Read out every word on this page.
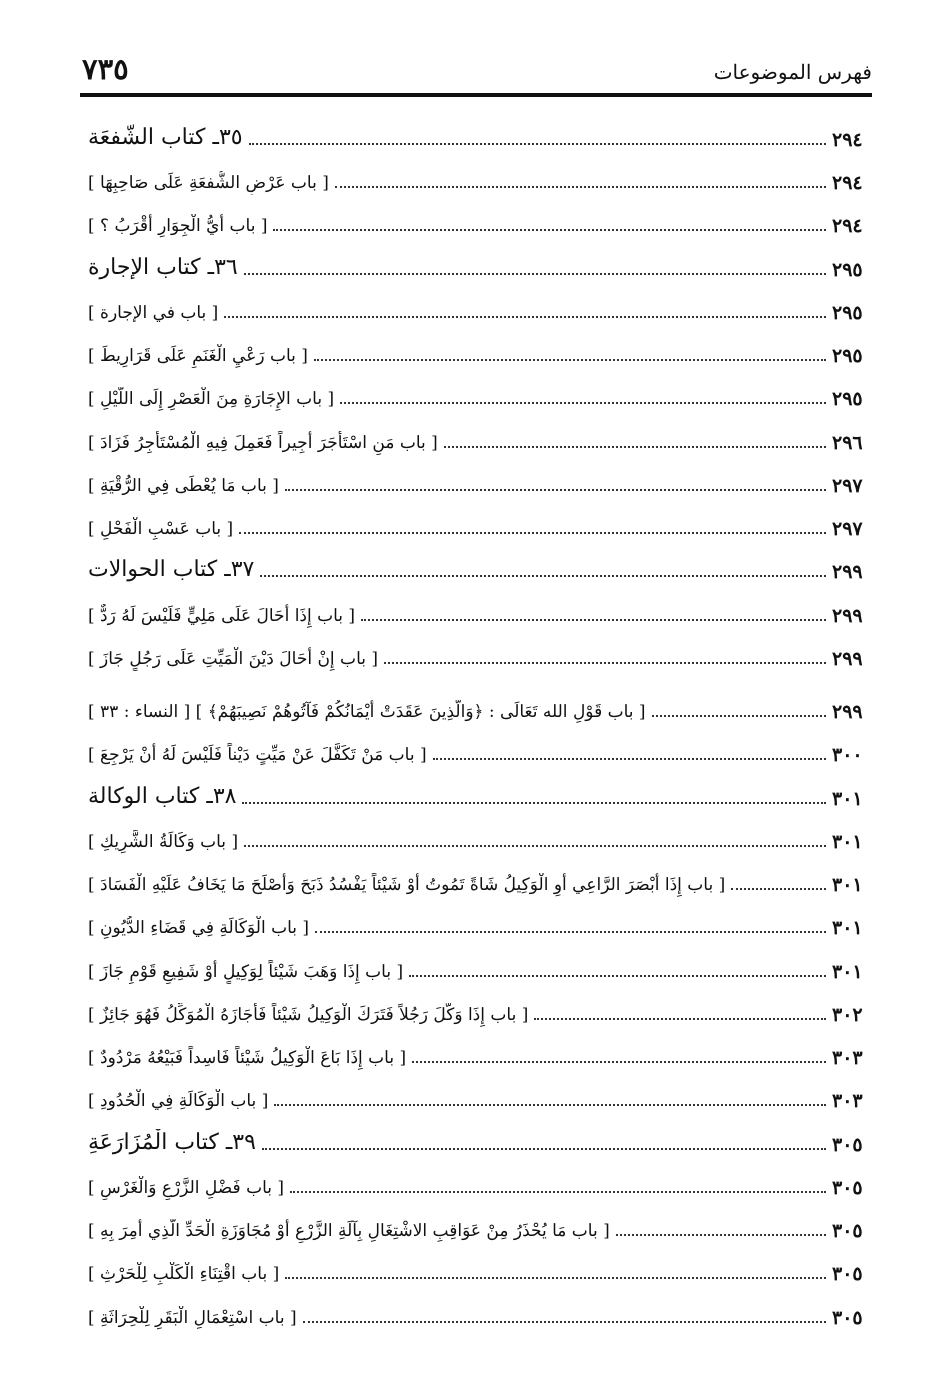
فهرس الموضوعات
٧٣٥
٣٥ـ كتاب الشُّفعَة	٢٩٤
[ باب عَرْضِ الشُّفعَةِ عَلَى صَاحِبِهَا ]	٢٩٤
[ باب أَيُّ الْجِوَارِ أَقْرَبُ ؟ ]	٢٩٤
٣٦ـ كتاب الإجارة	٢٩٥
[ باب في الإجارة ]	٢٩٥
[ باب رَعْيِ الْغَنَمِ عَلَى قَرَارِيطَ ]	٢٩٥
[ باب الإِجَارَةِ مِنَ الْعَصْرِ إِلَى اللَّيْلِ ]	٢٩٥
[ باب مَنِ اسْتَأْجَرَ أَجِيراً فَعَمِلَ فِيهِ الْمُسْتَأْجِرُ فَزَادَ ]	٢٩٦
[ باب مَا يُعْطَى فِي الرُّقْيَةِ ]	٢٩٧
[ باب عَسْبِ الْفَحْلِ ]	٢٩٧
٣٧ـ كتاب الحوالات	٢٩٩
[ باب إِذَا أَحَالَ عَلَى مَلِيٍّ فَلَيْسَ لَهُ رَدٌّ ]	٢٩٩
[ باب إِنْ أَحَالَ دَيْنَ الْمَيِّتِ عَلَى رَجُلٍ جَازَ ]	٢٩٩
[ باب قَوْلِ الله تَعَالَى : ﴿وَالَّذِينَ عَقَدَتْ أَيْمَانُكُمْ فَآتُوهُمْ نَصِيبَهُمْ﴾ ] [ النساء : ٣٣ ]	٢٩٩
[ باب مَنْ تَكَفَّلَ عَنْ مَيِّتٍ دَيْناً فَلَيْسَ لَهُ أَنْ يَرْجِعَ ]	٣٠٠
٣٨ـ كتاب الوكالة	٣٠١
[ باب وَكَالَةُ الشَّرِيكِ ]	٣٠١
[ باب إِذَا أَبْصَرَ الرَّاعِي أَوِ الْوَكِيلُ شَاةً تَمُوتُ أَوْ شَيْئاً يَفْسُدُ ذَبَحَ وَأَصْلَحَ مَا يَخَافُ عَلَيْهِ الْفَسَادَ ]	٣٠١
[ باب الْوَكَالَةِ فِي قَضَاءِ الدُّيُونِ ]	٣٠١
[ باب إِذَا وَهَبَ شَيْئاً لِوَكِيلٍ أَوْ شَفِيعِ قَوْمٍ جَازَ ]	٣٠١
[ باب إِذَا وَكَّلَ رَجُلاً فَتَرَكَ الْوَكِيلُ شَيْئاً فَأَجَازَهُ الْمُوَكِّلُ فَهُوَ جَائِزٌ ]	٣٠٢
[ باب إِذَا بَاعَ الْوَكِيلُ شَيْئاً فَاسِداً فَبَيْعُهُ مَرْدُودٌ ]	٣٠٣
[ باب الْوَكَالَةِ فِي الْحُدُودِ ]	٣٠٣
٣٩ـ كتاب الْمُزَارَعَةِ	٣٠٥
[ باب فَضْلِ الزَّرْعِ وَالْغَرْسِ ]	٣٠٥
[ باب مَا يُحْذَرُ مِنْ عَوَاقِبِ الاشْتِغَالِ بِآلَةِ الزَّرْعِ أَوْ مُجَاوَزَةِ الْحَدِّ الَّذِي أُمِرَ بِهِ ]	٣٠٥
[ باب اقْتِنَاءِ الْكَلْبِ لِلْحَرْثِ ]	٣٠٥
[ باب اسْتِعْمَالِ الْبَقَرِ لِلْحِرَاثَةِ ]	٣٠٥
